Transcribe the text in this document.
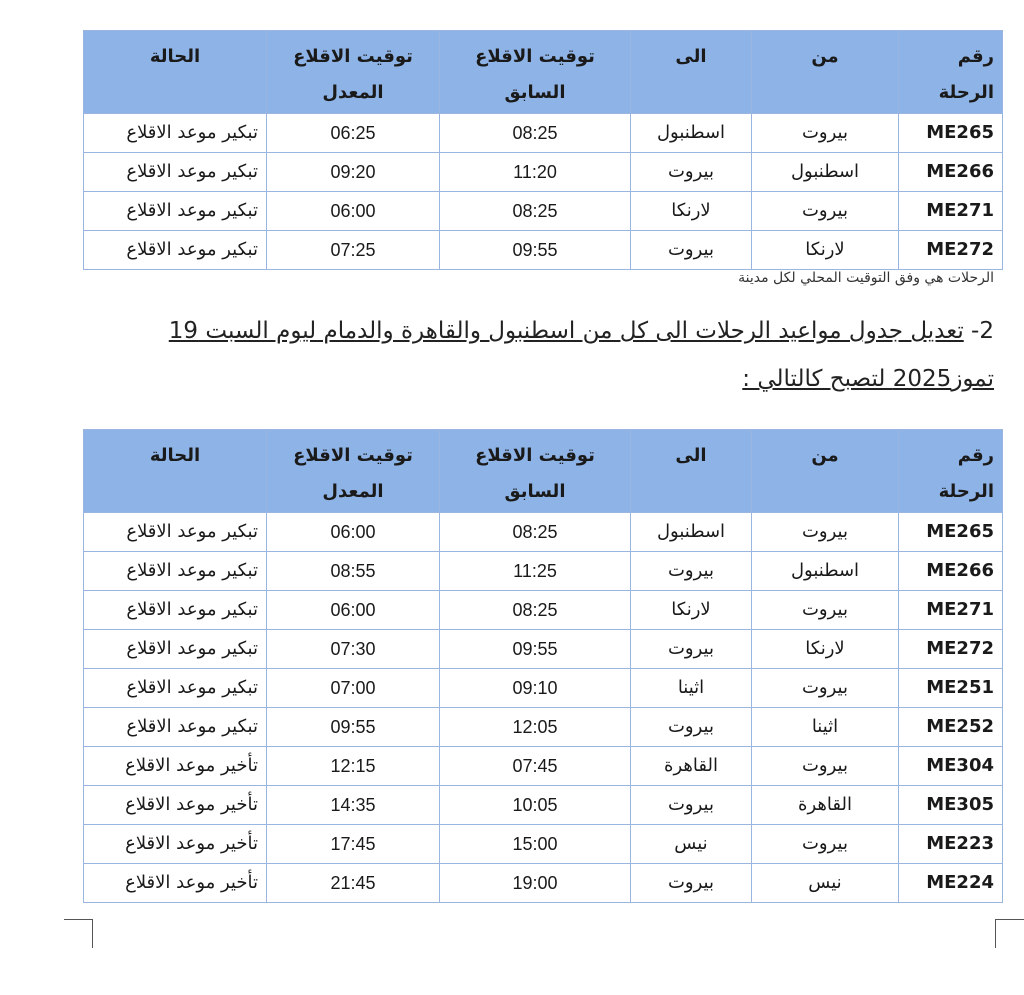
رقم الرحلة	من	الى	توقيت الاقلاع السابق	توقيت الاقلاع المعدل	الحالة
ME265	بيروت	اسطنبول	08:25	06:25	تبكير موعد الاقلاع
ME266	اسطنبول	بيروت	11:20	09:20	تبكير موعد الاقلاع
ME271	بيروت	لارنكا	08:25	06:00	تبكير موعد الاقلاع
ME272	لارنكا	بيروت	09:55	07:25	تبكير موعد الاقلاع
الرحلات هي وفق التوقيت المحلي لكل مدينة
2- تعديل جدول مواعيد الرحلات الى كل من اسطنبول والقاهرة والدمام ليوم السبت 19
تموز2025 لتصبح كالتالي :
رقم الرحلة	من	الى	توقيت الاقلاع السابق	توقيت الاقلاع المعدل	الحالة
ME265	بيروت	اسطنبول	08:25	06:00	تبكير موعد الاقلاع
ME266	اسطنبول	بيروت	11:25	08:55	تبكير موعد الاقلاع
ME271	بيروت	لارنكا	08:25	06:00	تبكير موعد الاقلاع
ME272	لارنكا	بيروت	09:55	07:30	تبكير موعد الاقلاع
ME251	بيروت	اثينا	09:10	07:00	تبكير موعد الاقلاع
ME252	اثينا	بيروت	12:05	09:55	تبكير موعد الاقلاع
ME304	بيروت	القاهرة	07:45	12:15	تأخير موعد الاقلاع
ME305	القاهرة	بيروت	10:05	14:35	تأخير موعد الاقلاع
ME223	بيروت	نيس	15:00	17:45	تأخير موعد الاقلاع
ME224	نيس	بيروت	19:00	21:45	تأخير موعد الاقلاع
